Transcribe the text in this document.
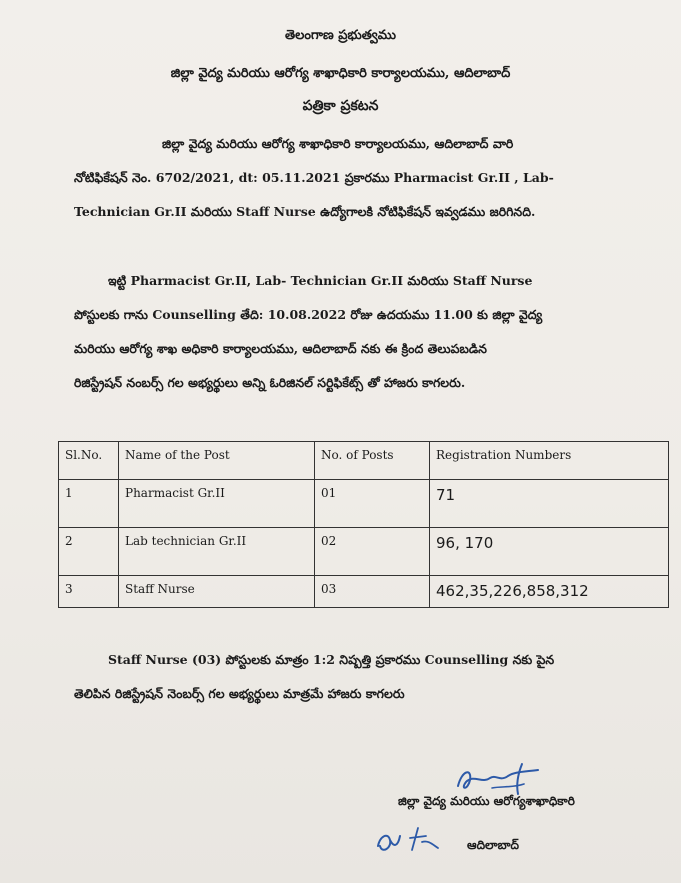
తెలంగాణ ప్రభుత్వము
జిల్లా వైద్య మరియు ఆరోగ్య శాఖాధికారి కార్యాలయము, ఆదిలాబాద్
పత్రికా ప్రకటన
జిల్లా వైద్య మరియు ఆరోగ్య శాఖాధికారి కార్యాలయము, ఆదిలాబాద్ వారి
నోటిఫికేషన్ నెం. 6702/2021, dt: 05.11.2021 ప్రకారము Pharmacist Gr.II , Lab-
Technician Gr.II మరియు Staff Nurse ఉద్యోగాలకి నోటిఫికేషన్ ఇవ్వడము జరిగినది.
ఇట్టి Pharmacist Gr.II, Lab- Technician Gr.II మరియు Staff Nurse
పోస్టులకు గాను Counselling తేది: 10.08.2022 రోజు ఉదయము 11.00 కు జిల్లా వైద్య
మరియు ఆరోగ్య శాఖ అధికారి కార్యాలయము, ఆదిలాబాద్ నకు ఈ క్రింద తెలుపబడిన
రిజిస్ట్రేషన్ నంబర్స్ గల అభ్యర్థులు అన్ని ఓరిజినల్ సర్టిఫికేట్స్ తో హాజరు కాగలరు.
Sl.No.	Name of the Post	No. of Posts	Registration Numbers
1	Pharmacist Gr.II	01	71
2	Lab technician Gr.II	02	96, 170
3	Staff Nurse	03	462,35,226,858,312
Staff Nurse (03) పోస్టులకు మాత్రం 1:2 నిష్పత్తి ప్రకారము Counselling నకు పైన
తెలిపిన రిజిస్ట్రేషన్ నెంబర్స్ గల అభ్యర్థులు మాత్రమే హాజరు కాగలరు
జిల్లా వైద్య మరియు ఆరోగ్యశాఖాధికారి
ఆదిలాబాద్
